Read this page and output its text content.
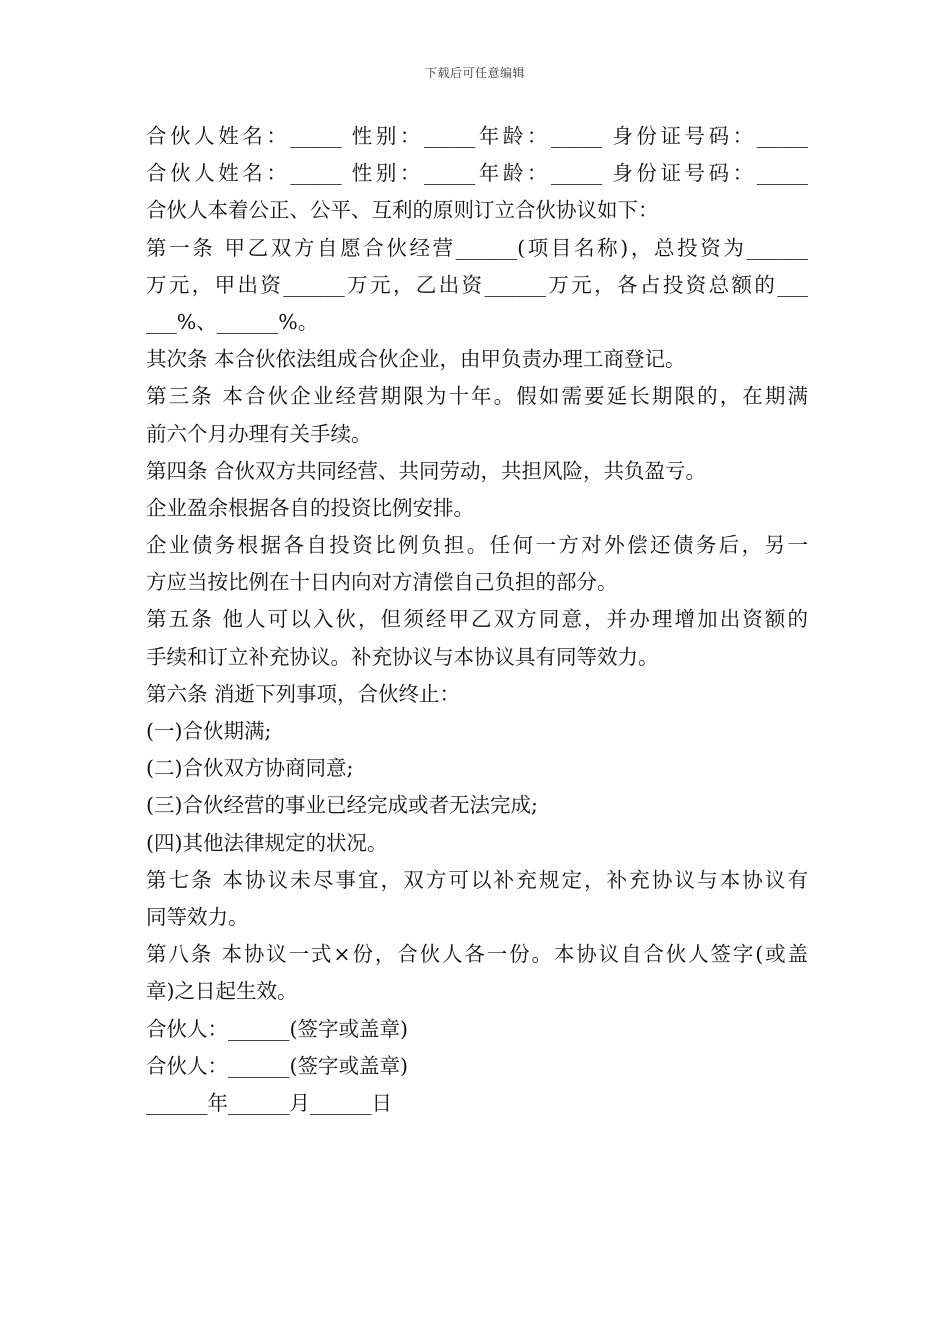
下载后可任意编辑
合伙人姓名：_____ 性别：_____年龄：_____ 身份证号码：_____
合伙人姓名：_____ 性别：_____年龄：_____ 身份证号码：_____
合伙人本着公正、公平、互利的原则订立合伙协议如下：
第一条 甲乙双方自愿合伙经营______(项目名称)，总投资为______
万元，甲出资______万元，乙出资______万元，各占投资总额的___
___%、______%。
其次条 本合伙依法组成合伙企业，由甲负责办理工商登记。
第三条 本合伙企业经营期限为十年。假如需要延长期限的，在期满
前六个月办理有关手续。
第四条 合伙双方共同经营、共同劳动，共担风险，共负盈亏。
企业盈余根据各自的投资比例安排。
企业债务根据各自投资比例负担。任何一方对外偿还债务后，另一
方应当按比例在十日内向对方清偿自己负担的部分。
第五条 他人可以入伙，但须经甲乙双方同意，并办理增加出资额的
手续和订立补充协议。补充协议与本协议具有同等效力。
第六条 消逝下列事项，合伙终止：
(一)合伙期满;
(二)合伙双方协商同意;
(三)合伙经营的事业已经完成或者无法完成;
(四)其他法律规定的状况。
第七条 本协议未尽事宜，双方可以补充规定，补充协议与本协议有
同等效力。
第八条 本协议一式×份，合伙人各一份。本协议自合伙人签字(或盖
章)之日起生效。
合伙人：______(签字或盖章)
合伙人：______(签字或盖章)
______年______月______日
